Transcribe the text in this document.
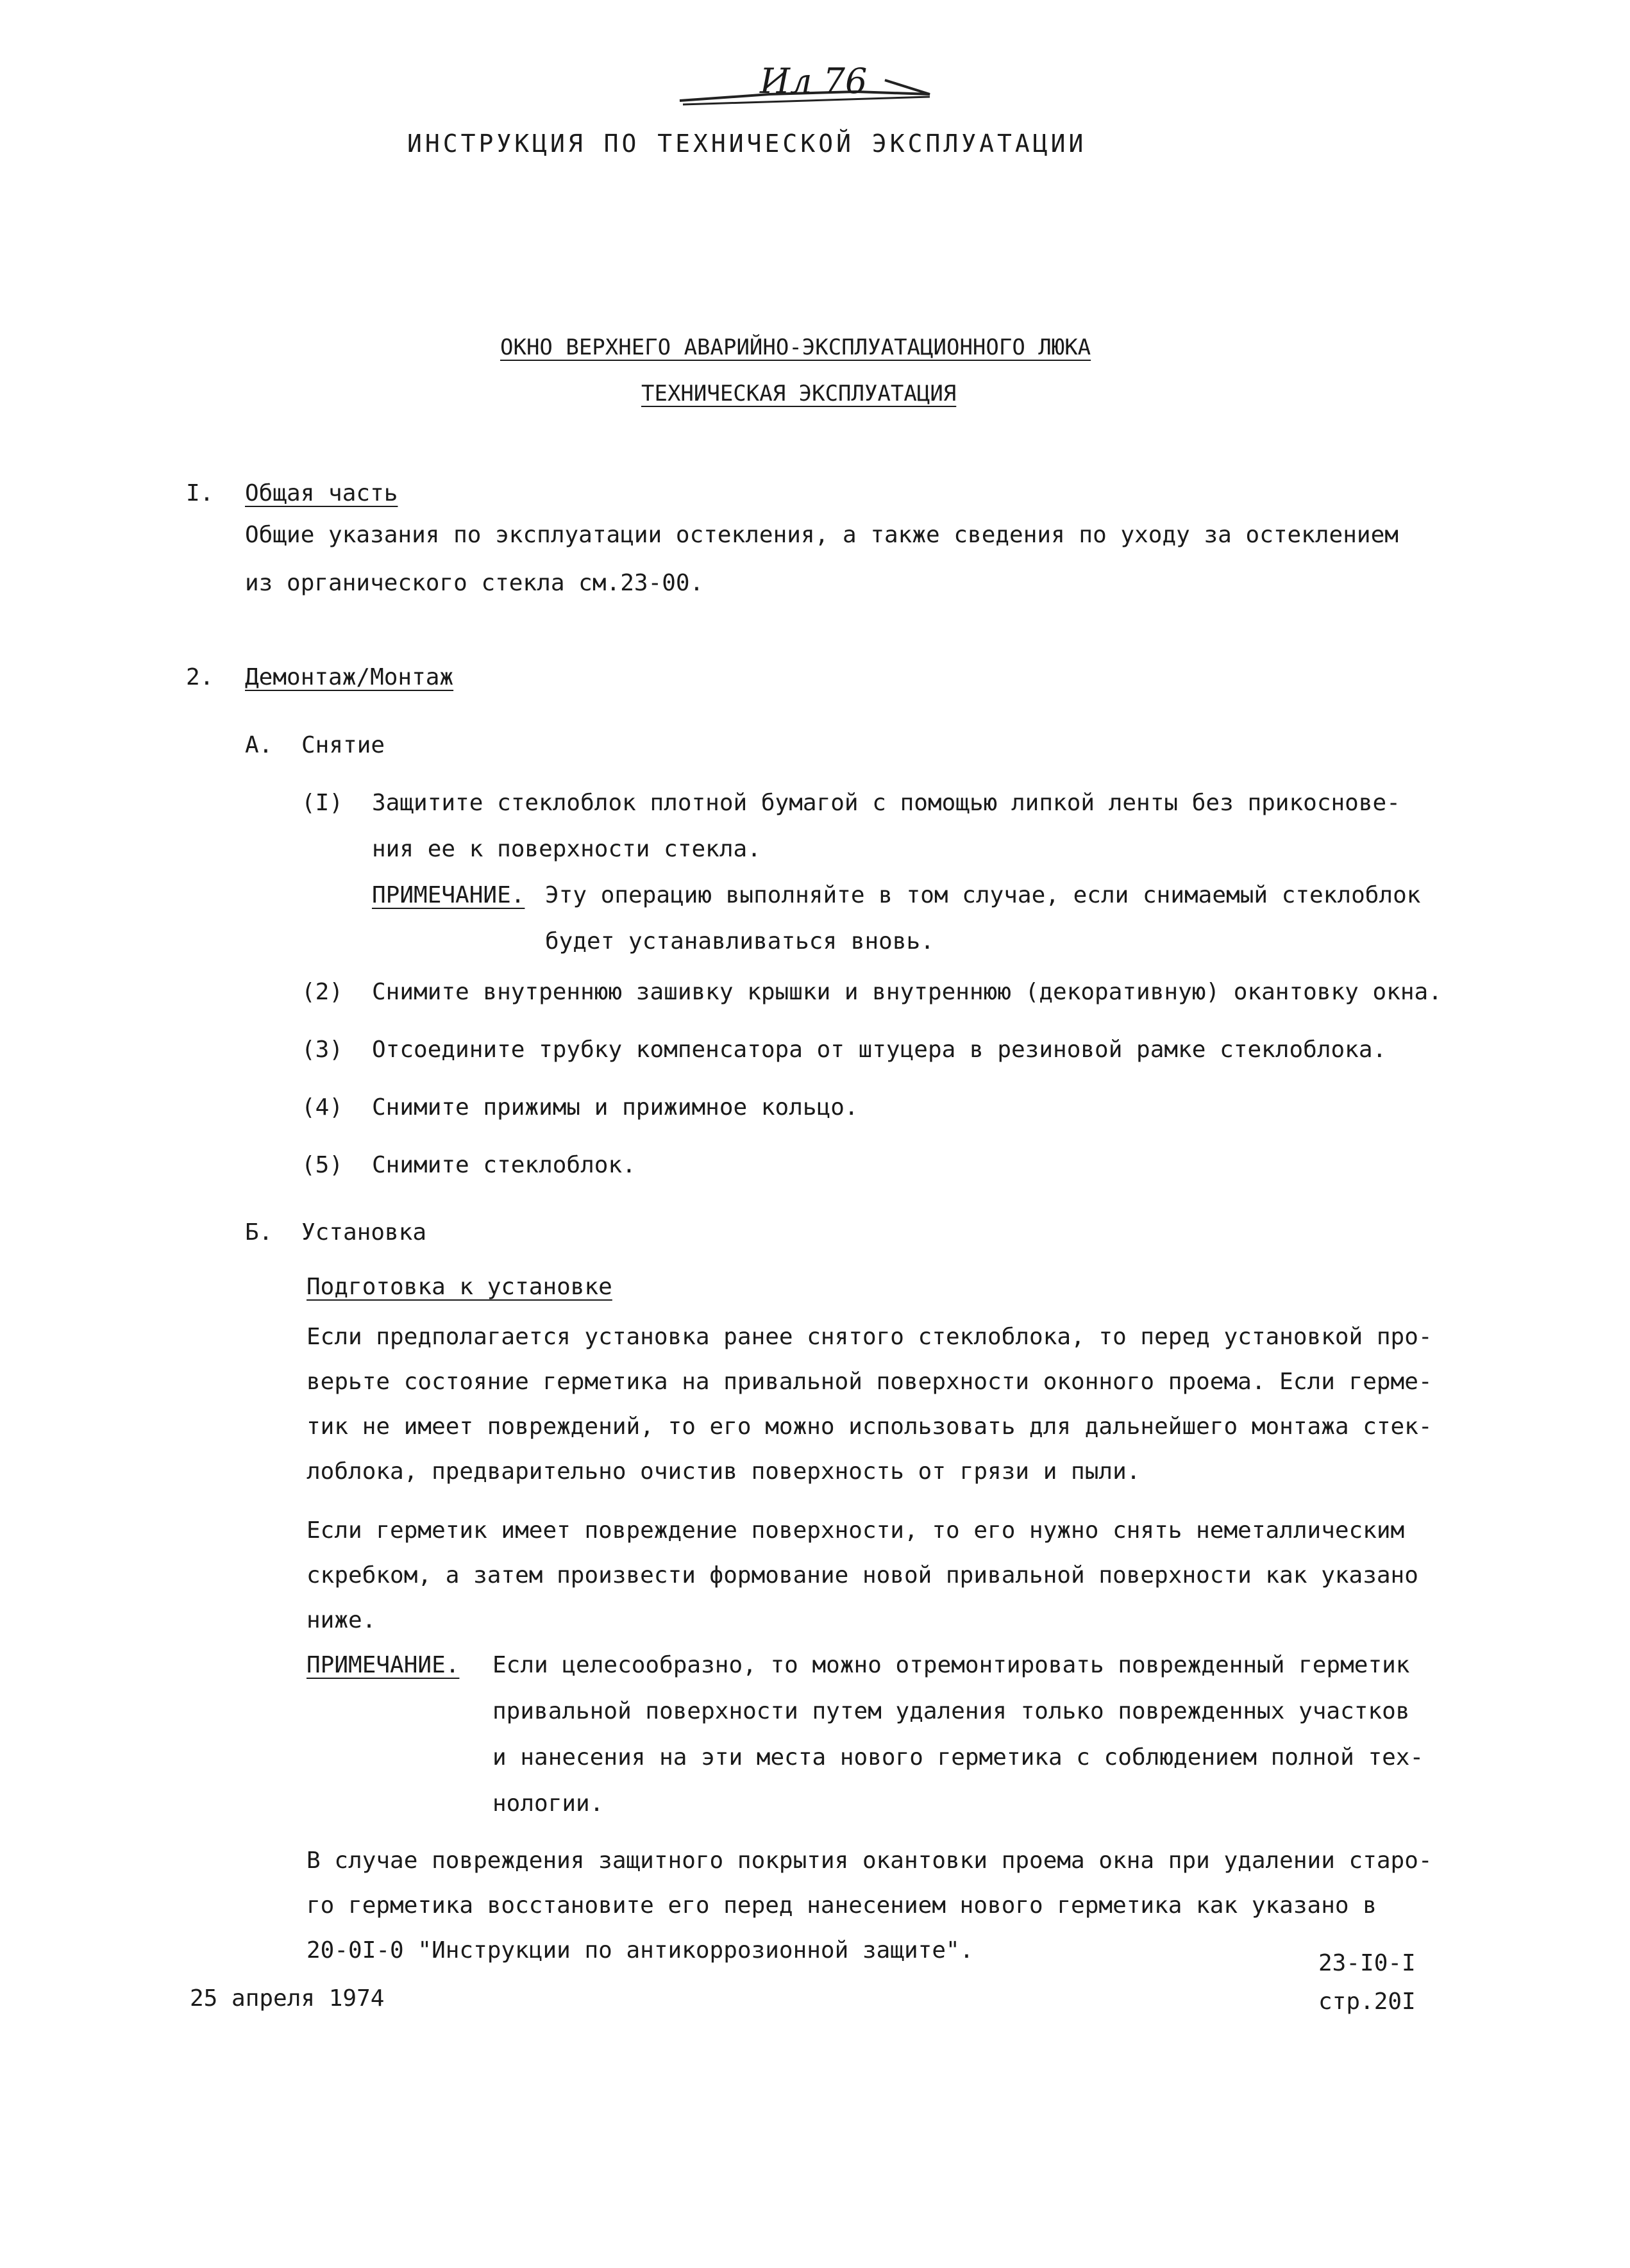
Ил 76
ИНСТРУКЦИЯ ПО ТЕХНИЧЕСКОЙ ЭКСПЛУАТАЦИИ
ОКНО ВЕРХНЕГО АВАРИЙНО-ЭКСПЛУАТАЦИОННОГО ЛЮКА
ТЕХНИЧЕСКАЯ ЭКСПЛУАТАЦИЯ
I. Общая часть
Общие указания по эксплуатации остекления, а также сведения по уходу за остеклением
из органического стекла см.23-00.
2. Демонтаж/Монтаж
А. Снятие
(I) Защитите стеклоблок плотной бумагой с помощью липкой ленты без прикоснове-
ния ее к поверхности стекла.
ПРИМЕЧАНИЕ. Эту операцию выполняйте в том случае, если снимаемый стеклоблок
будет устанавливаться вновь.
(2) Снимите внутреннюю зашивку крышки и внутреннюю (декоративную) окантовку окна.
(3) Отсоедините трубку компенсатора от штуцера в резиновой рамке стеклоблока.
(4) Снимите прижимы и прижимное кольцо.
(5) Снимите стеклоблок.
Б. Установка
Подготовка к установке
Если предполагается установка ранее снятого стеклоблока, то перед установкой про-
верьте состояние герметика на привальной поверхности оконного проема. Если герме-
тик не имеет повреждений, то его можно использовать для дальнейшего монтажа стек-
лоблока, предварительно очистив поверхность от грязи и пыли.
Если герметик имеет повреждение поверхности, то его нужно снять неметаллическим
скребком, а затем произвести формование новой привальной поверхности как указано
ниже.
ПРИМЕЧАНИЕ. Если целесообразно, то можно отремонтировать поврежденный герметик
привальной поверхности путем удаления только поврежденных участков
и нанесения на эти места нового герметика с соблюдением полной тех-
нологии.
В случае повреждения защитного покрытия окантовки проема окна при удалении старо-
го герметика восстановите его перед нанесением нового герметика как указано в
20-0I-0 "Инструкции по антикоррозионной защите".
25 апреля 1974
23-I0-I
стр.20I
